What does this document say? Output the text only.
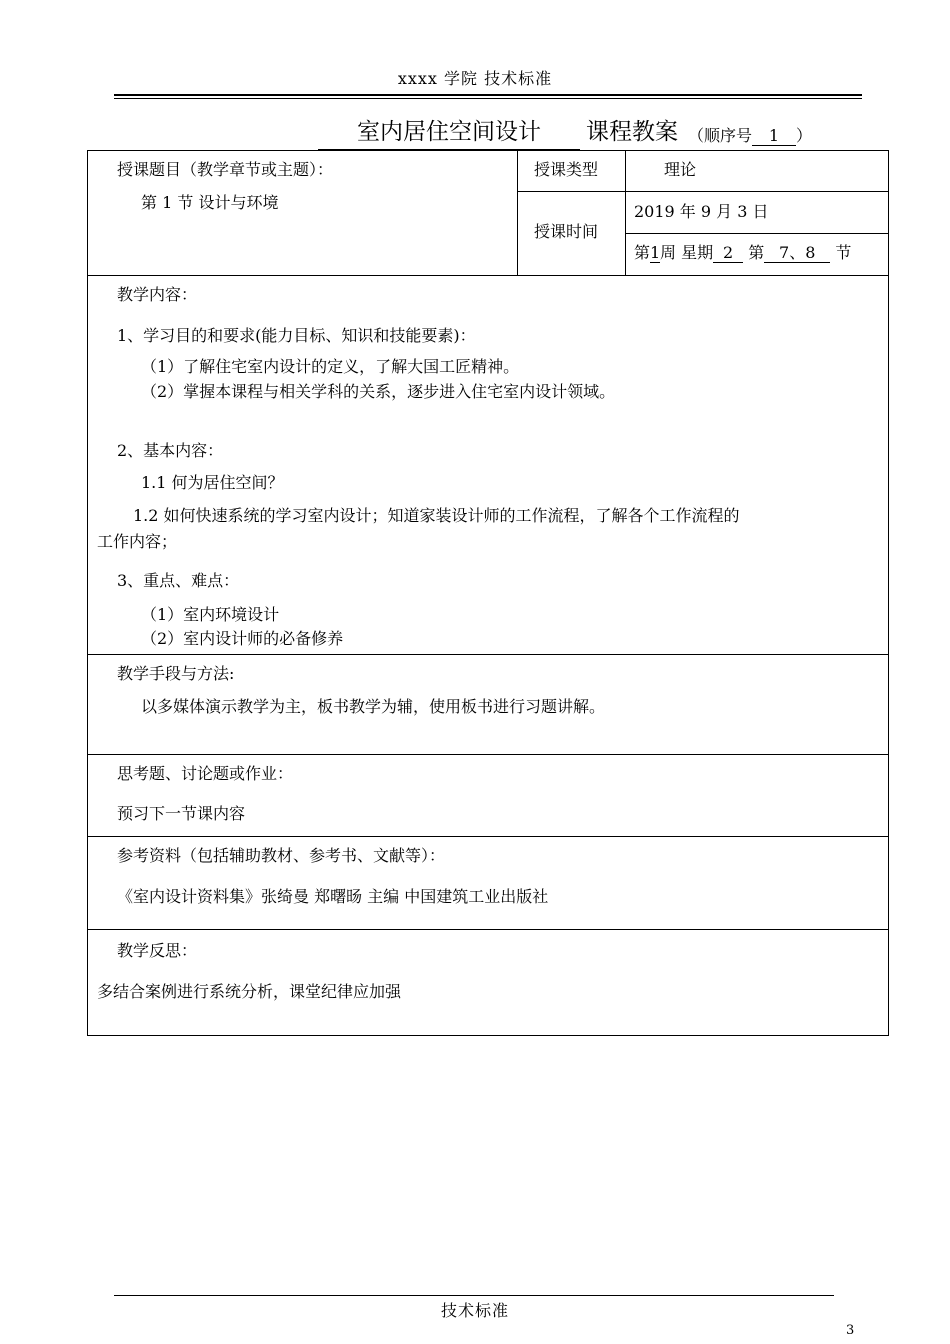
xxxx 学院 技术标准
室内居住空间设计	课程教案 （顺序号 1 ）
授课题目（教学章节或主题）：
第 1 节 设计与环境
授课类型	理论
授课时间
2019 年 9 月 3 日
第1周 星期 2 第 7、8 节
教学内容：
1、学习目的和要求(能力目标、知识和技能要素)：
（1）了解住宅室内设计的定义，了解大国工匠精神。
（2）掌握本课程与相关学科的关系，逐步进入住宅室内设计领域。
2、基本内容：
1.1 何为居住空间？
1.2 如何快速系统的学习室内设计；知道家装设计师的工作流程，了解各个工作流程的
工作内容；
3、重点、难点：
（1）室内环境设计
（2）室内设计师的必备修养
教学手段与方法:
以多媒体演示教学为主，板书教学为辅，使用板书进行习题讲解。
思考题、讨论题或作业：
预习下一节课内容
参考资料（包括辅助教材、参考书、文献等）：
《室内设计资料集》张绮曼 郑曙旸 主编 中国建筑工业出版社
教学反思：
多结合案例进行系统分析，课堂纪律应加强
技术标准
3
